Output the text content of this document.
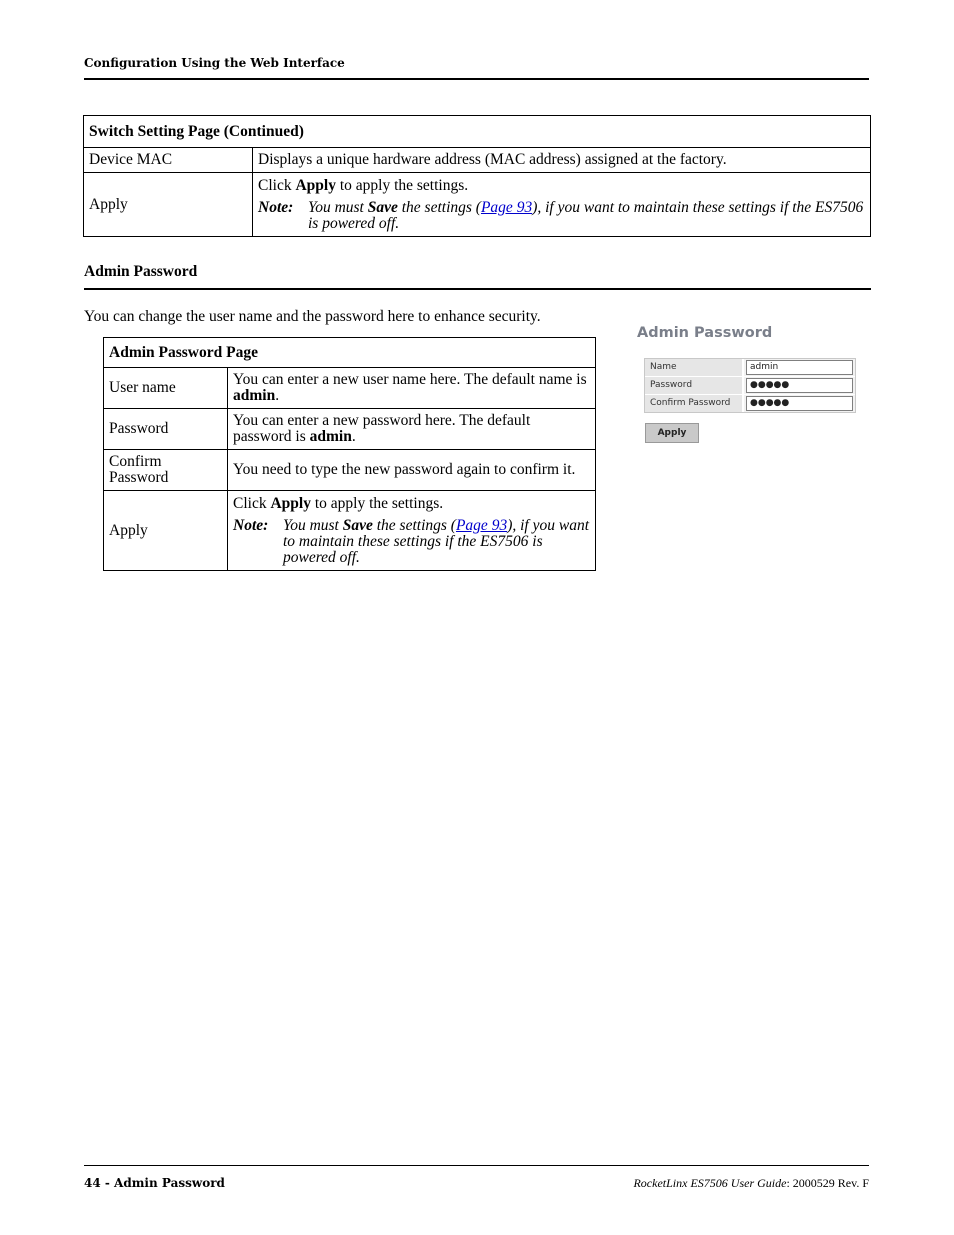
Configuration Using the Web Interface
Switch Setting Page (Continued)	
Device MAC	Displays a unique hardware address (MAC address) assigned at the factory.
Apply	Click Apply to apply the settings.
Note: You must Save the settings (Page 93), if you want to maintain these settings if the ES7506 is powered off.
Admin Password
You can change the user name and the password here to enhance security.
Admin Password Page	
User name	You can enter a new user name here. The default name is admin.
Password	You can enter a new password here. The default password is admin.
Confirm Password	You need to type the new password again to confirm it.
Apply	Click Apply to apply the settings.
Note: You must Save the settings (Page 93), if you want to maintain these settings if the ES7506 is powered off.
Admin Password
Name	admin
Password	●●●●●
Confirm Password	●●●●●
Apply
44 - Admin Password	RocketLinx ES7506 User Guide: 2000529 Rev. F
